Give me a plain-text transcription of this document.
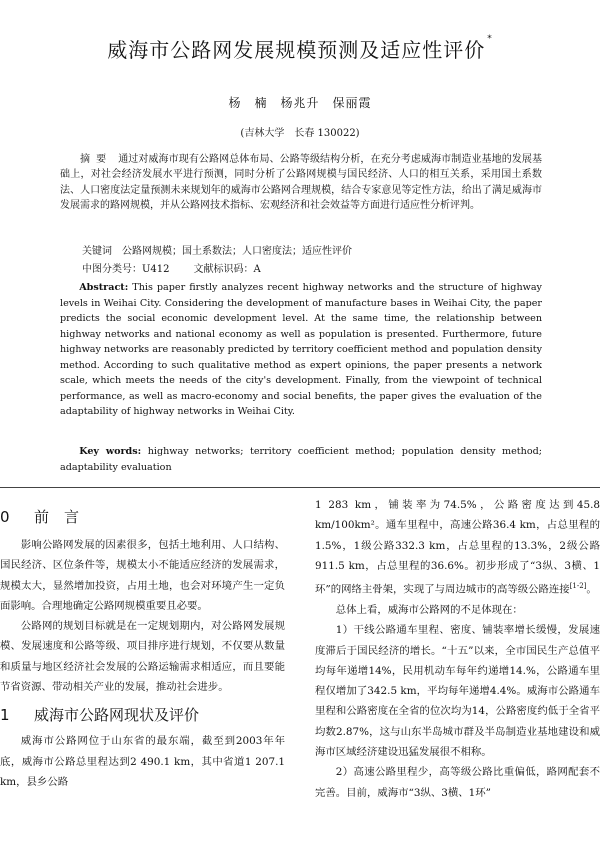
威海市公路网发展规模预测及适应性评价 *
杨　楠　杨兆升　保丽霞
(吉林大学　长春 130022)
摘要 通过对威海市现有公路网总体布局、公路等级结构分析，在充分考虑威海市制造业基地的发展基础上，对社会经济发展水平进行预测，同时分析了公路网规模与国民经济、人口的相互关系，采用国土系数法、人口密度法定量预测未来规划年的威海市公路网合理规模，结合专家意见等定性方法，给出了满足威海市发展需求的路网规模，并从公路网技术指标、宏观经济和社会效益等方面进行适应性分析评判。
关键词　 公路网规模；国土系数法；人口密度法；适应性评价
中图分类号：U412 文献标识码：A
Abstract: This paper firstly analyzes recent highway networks and the structure of highway levels in Weihai City. Considering the development of manufacture bases in Weihai City, the paper predicts the social economic development level. At the same time, the relationship between highway networks and national economy as well as population is presented. Furthermore, future highway networks are reasonably predicted by territory coefficient method and population density method. According to such qualitative method as expert opinions, the paper presents a network scale, which meets the needs of the city's development. Finally, from the viewpoint of technical performance, as well as macro-economy and social benefits, the paper gives the evaluation of the adaptability of highway networks in Weihai City.
Key words: highway networks; territory coefficient method; population density method; adaptability evaluation
0 前　言

影响公路网发展的因素很多，包括土地利用、人口结构、国民经济、区位条件等，规模太小不能适应经济的发展需求，规模太大，显然增加投资，占用土地，也会对环境产生一定负面影响。合理地确定公路网规模重要且必要。

公路网的规划目标就是在一定规划期内，对公路网发展规模、发展速度和公路等级、项目排序进行规划，不仅要从数量和质量与地区经济社会发展的公路运输需求相适应，而且要能节省资源、带动相关产业的发展，推动社会进步。

1 威海市公路网现状及评价

威海市公路网位于山东省的最东端，截至到2003年年底，威海市公路总里程达到2 490.1 km，其中省道1 207.1 km，县乡公路

1 283 km，铺装率为74.5%，公路密度达到45.8 km/100km²。通车里程中，高速公路36.4 km，占总里程的1.5%，1级公路332.3 km，占总里程的13.3%，2级公路911.5 km，占总里程的36.6%。初步形成了“3纵、3横、1环”的网络主骨架，实现了与周边城市的高等级公路连接[1-2]。

总体上看，威海市公路网的不足体现在：

1）干线公路通车里程、密度、铺装率增长缓慢，发展速度滞后于国民经济的增长。“十五”以来，全市国民生产总值平均每年递增14%，民用机动车每年约递增14.%，公路通车里程仅增加了342.5 km，平均每年递增4.4%。威海市公路通车里程和公路密度在全省的位次均为14，公路密度约低于全省平均数2.87%，这与山东半岛城市群及半岛制造业基地建设和威海市区域经济建设迅猛发展很不相称。

2）高速公路里程少，高等级公路比重偏低，路网配套不完善。目前，威海市“3纵、3横、1环”
